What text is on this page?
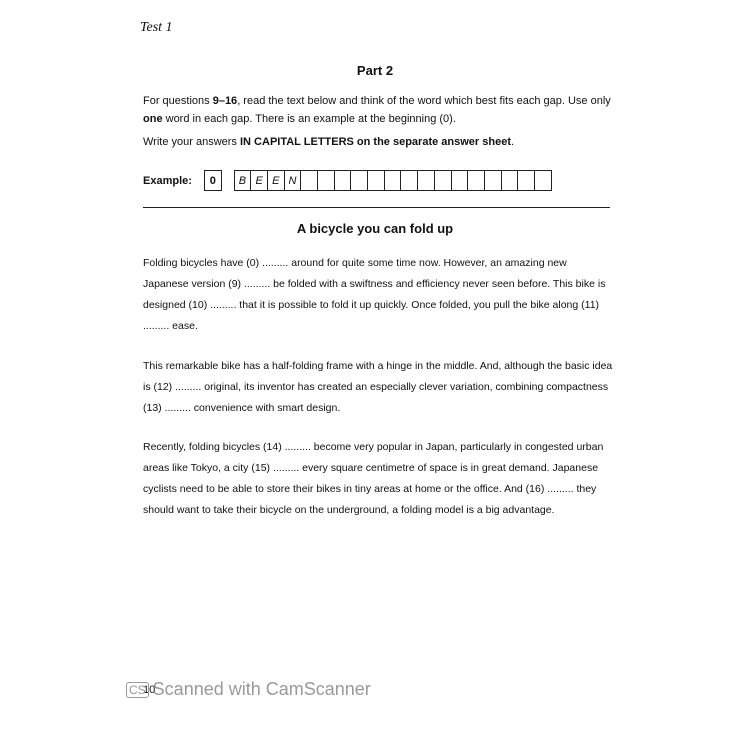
Test 1
Part 2
For questions 9–16, read the text below and think of the word which best fits each gap. Use only one word in each gap. There is an example at the beginning (0).
Write your answers IN CAPITAL LETTERS on the separate answer sheet.
Example:	0	B E E N
A bicycle you can fold up
Folding bicycles have (0) ......... around for quite some time now. However, an amazing new Japanese version (9) ......... be folded with a swiftness and efficiency never seen before. This bike is designed (10) ......... that it is possible to fold it up quickly. Once folded, you pull the bike along (11) ......... ease.
This remarkable bike has a half-folding frame with a hinge in the middle. And, although the basic idea is (12) ......... original, its inventor has created an especially clever variation, combining compactness (13) ......... convenience with smart design.
Recently, folding bicycles (14) ......... become very popular in Japan, particularly in congested urban areas like Tokyo, a city (15) ......... every square centimetre of space is in great demand. Japanese cyclists need to be able to store their bikes in tiny areas at home or the office. And (16) ......... they should want to take their bicycle on the underground, a folding model is a big advantage.
10
CS Scanned with CamScanner
